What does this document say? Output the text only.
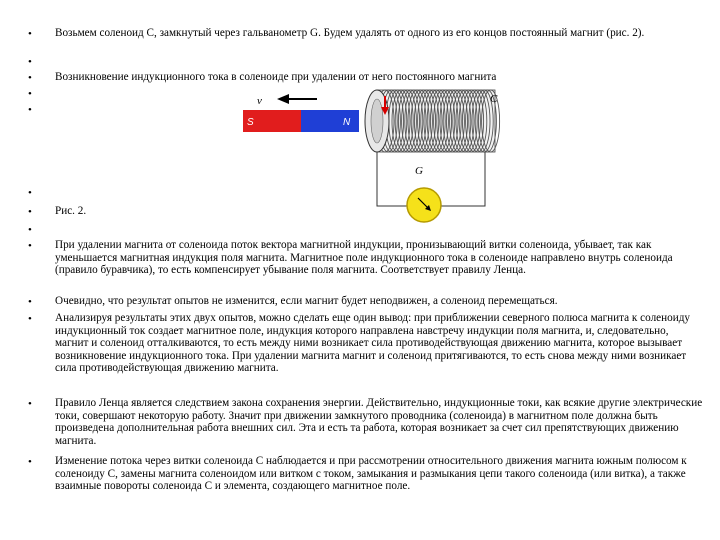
•
•
•
•
•
•
•
•
•
•
•
•
•
Возьмем соленоид С, замкнутый через гальванометр G. Будем удалять от одного из его концов постоянный магнит (рис. 2).
Возникновение индукционного тока в соленоиде при удалении от него постоянного магнита
Рис. 2.
При удалении магнита от соленоида поток вектора магнитной индукции, пронизывающий витки соленоида, убывает, так как уменьшается магнитная индукция поля магнита. Магнитное поле индукционного тока в соленоиде направлено внутрь соленоида (правило буравчика), то есть компенсирует убывание поля магнита. Соответствует правилу Ленца.
Очевидно, что результат опытов не изменится, если магнит будет неподвижен, а соленоид перемещаться.
Анализируя результаты этих двух опытов, можно сделать еще один вывод: при приближении северного полюса магнита к соленоиду индукционный ток создает магнитное поле, индукция которого направлена навстречу индукции поля магнита, и, следовательно, магнит и соленоид отталкиваются, то есть между ними возникает сила противодействующая движению магнита, которое вызывает возникновение индукционного тока. При удалении магнита магнит и соленоид притягиваются, то есть снова между ними возникает сила противодействующая движению магнита.
Правило Ленца является следствием закона сохранения энергии. Действительно, индукционные токи, как всякие другие электрические токи, совершают некоторую работу. Значит при движении замкнутого проводника (соленоида) в магнитном поле должна быть произведена дополнительная работа внешних сил. Эта и есть та работа, которая возникает за счет сил препятствующих движению магнита.
Изменение потока через витки соленоида С наблюдается и при рассмотрении относительного движения магнита южным полюсом к соленоиду С, замены магнита соленоидом или витком с током, замыкания и размыкания цепи такого соленоида (или витка), а также взаимные повороты соленоида С и элемента, создающего магнитное поле.
v
S	N
C
G
